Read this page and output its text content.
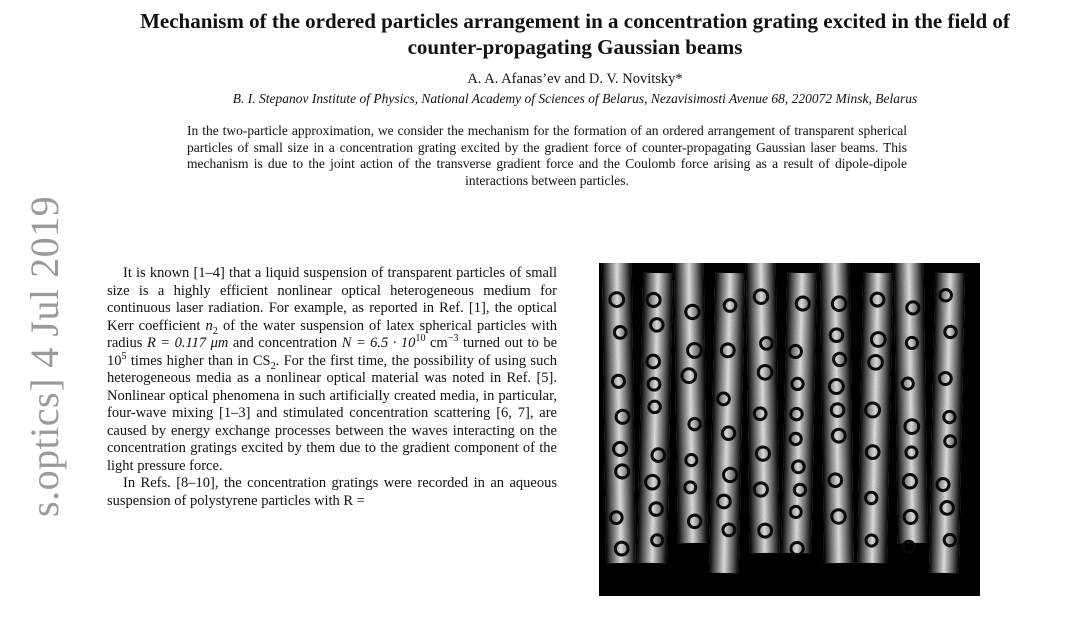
s.optics] 4 Jul 2019
Mechanism of the ordered particles arrangement in a concentration grating excited in the field of
counter-propagating Gaussian beams
A. A. Afanas’ev and D. V. Novitsky*
B. I. Stepanov Institute of Physics, National Academy of Sciences of Belarus, Nezavisimosti Avenue 68, 220072 Minsk, Belarus
In the two-particle approximation, we consider the mechanism for the formation of an ordered arrangement of transparent spherical particles of small size in a concentration grating excited by the gradient force of counter-propagating Gaussian laser beams. This mechanism is due to the joint action of the transverse gradient force and the Coulomb force arising as a result of dipole-dipole interactions between particles.

It is known [1–4] that a liquid suspension of transparent particles of small size is a highly efficient nonlinear optical heterogeneous medium for continuous laser radiation. For example, as reported in Ref. [1], the optical Kerr coefficient $n_2$ of the water suspension of latex spherical particles with radius R = 0.117 μm and concentration $N = 6.5 \cdot 10^{10}$ $cm^{-3}$ turned out to be $10^5$ times higher than in $CS_2$. For the first time, the possibility of using such heterogeneous media as a nonlinear optical material was noted in Ref. [5]. Nonlinear optical phenomena in such artificially created media, in particular, four-wave mixing [1–3] and stimulated concentration scattering [6, 7], are caused by energy exchange processes between the waves interacting on the concentration gratings excited by them due to the gradient component of the light pressure force.

In Refs. [8–10], the concentration gratings were recorded in an aqueous suspension of polystyrene particles with R =
